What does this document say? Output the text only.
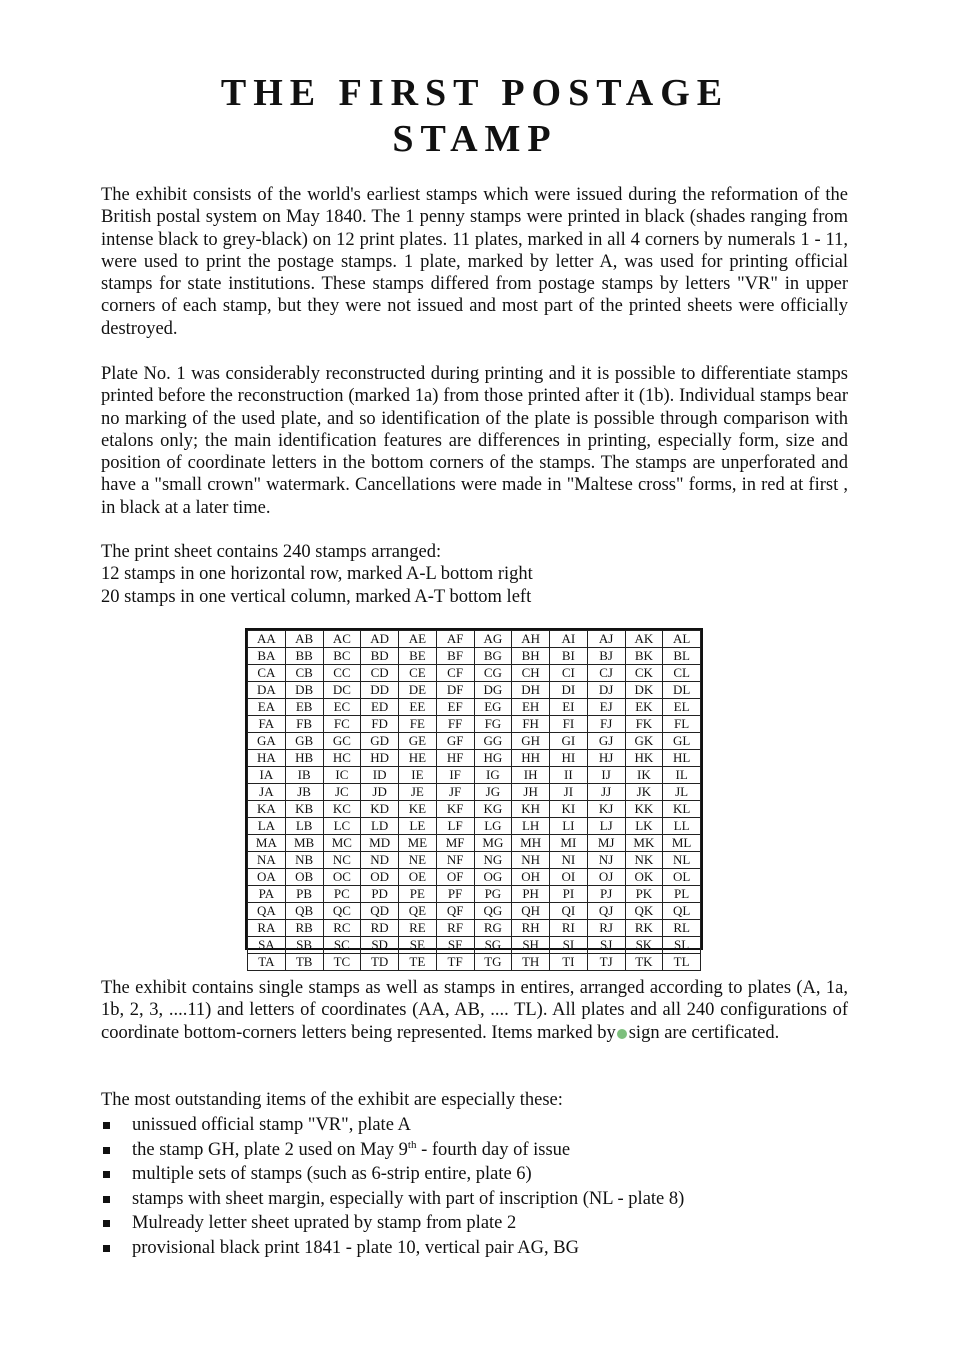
THE FIRST POSTAGE
STAMP

The exhibit consists of the world's earliest stamps which were issued during the reformation of the British postal system on May 1840. The 1 penny stamps were printed in black (shades ranging from intense black to grey-black) on 12 print plates. 11 plates, marked in all 4 corners by numerals 1 - 11, were used to print the postage stamps. 1 plate, marked by letter A, was used for printing official stamps for state institutions. These stamps differed from postage stamps by letters "VR" in upper corners of each stamp, but they were not issued and most part of the printed sheets were officially destroyed.

Plate No. 1 was considerably reconstructed during printing and it is possible to differentiate stamps printed before the reconstruction (marked 1a) from those printed after it (1b). Individual stamps bear no marking of the used plate, and so identification of the plate is possible through comparison with etalons only; the main identification features are differences in printing, especially form, size and position of coordinate letters in the bottom corners of the stamps. The stamps are unperforated and have a "small crown" watermark. Cancellations were made in "Maltese cross" forms, in red at first , in black at a later time.

The print sheet contains 240 stamps arranged:
12 stamps in one horizontal row, marked A-L bottom right
20 stamps in one vertical column, marked A-T bottom left
AA	AB	AC	AD	AE	AF	AG	AH	AI	AJ	AK	AL
BA	BB	BC	BD	BE	BF	BG	BH	BI	BJ	BK	BL
CA	CB	CC	CD	CE	CF	CG	CH	CI	CJ	CK	CL
DA	DB	DC	DD	DE	DF	DG	DH	DI	DJ	DK	DL
EA	EB	EC	ED	EE	EF	EG	EH	EI	EJ	EK	EL
FA	FB	FC	FD	FE	FF	FG	FH	FI	FJ	FK	FL
GA	GB	GC	GD	GE	GF	GG	GH	GI	GJ	GK	GL
HA	HB	HC	HD	HE	HF	HG	HH	HI	HJ	HK	HL
IA	IB	IC	ID	IE	IF	IG	IH	II	IJ	IK	IL
JA	JB	JC	JD	JE	JF	JG	JH	JI	JJ	JK	JL
KA	KB	KC	KD	KE	KF	KG	KH	KI	KJ	KK	KL
LA	LB	LC	LD	LE	LF	LG	LH	LI	LJ	LK	LL
MA	MB	MC	MD	ME	MF	MG	MH	MI	MJ	MK	ML
NA	NB	NC	ND	NE	NF	NG	NH	NI	NJ	NK	NL
OA	OB	OC	OD	OE	OF	OG	OH	OI	OJ	OK	OL
PA	PB	PC	PD	PE	PF	PG	PH	PI	PJ	PK	PL
QA	QB	QC	QD	QE	QF	QG	QH	QI	QJ	QK	QL
RA	RB	RC	RD	RE	RF	RG	RH	RI	RJ	RK	RL
SA	SB	SC	SD	SE	SF	SG	SH	SI	SJ	SK	SL
TA	TB	TC	TD	TE	TF	TG	TH	TI	TJ	TK	TL

The exhibit contains single stamps as well as stamps in entires, arranged according to plates (A, 1a, 1b, 2, 3, ....11) and letters of coordinates (AA, AB, .... TL). All plates and all 240 configurations of coordinate bottom-corners letters being represented. Items marked by sign are certificated.

The most outstanding items of the exhibit are especially these:
unissued official stamp "VR", plate A
the stamp GH, plate 2 used on May 9th - fourth day of issue
multiple sets of stamps (such as 6-strip entire, plate 6)
stamps with sheet margin, especially with part of inscription (NL - plate 8)
Mulready letter sheet uprated by stamp from plate 2
provisional black print 1841 - plate 10, vertical pair AG, BG
